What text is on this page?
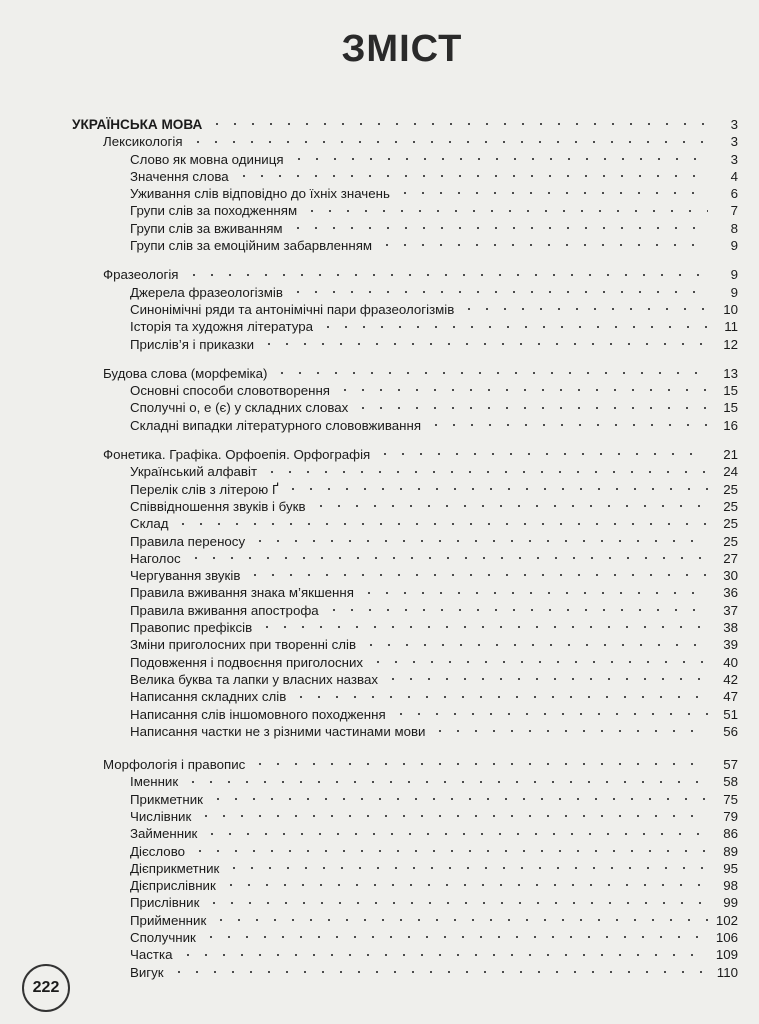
ЗМІСТ
УКРАЇНСЬКА МОВА	3
Лексикологія	3
Слово як мовна одиниця	3
Значення слова	4
Уживання слів відповідно до їхніх значень	6
Групи слів за походженням	7
Групи слів за вживанням	8
Групи слів за емоційним забарвленням	9
Фразеологія	9
Джерела фразеологізмів	9
Синонімічні ряди та антонімічні пари фразеологізмів	10
Історія та художня література	11
Прислів’я і приказки	12
Будова слова (морфеміка)	13
Основні способи словотворення	15
Сполучні о, е (є) у складних словах	15
Складні випадки літературного слововживання	16
Фонетика. Графіка. Орфоепія. Орфографія	21
Український алфавіт	24
Перелік слів з літерою Ґ	25
Співвідношення звуків і букв	25
Склад	25
Правила переносу	25
Наголос	27
Чергування звуків	30
Правила вживання знака м’якшення	36
Правила вживання апострофа	37
Правопис префіксів	38
Зміни приголосних при творенні слів	39
Подовження і подвоєння приголосних	40
Велика буква та лапки у власних назвах	42
Написання складних слів	47
Написання слів іншомовного походження	51
Написання частки не з різними частинами мови	56
Морфологія і правопис	57
Іменник	58
Прикметник	75
Числівник	79
Займенник	86
Дієслово	89
Дієприкметник	95
Дієприслівник	98
Прислівник	99
Прийменник	102
Сполучник	106
Частка	109
Вигук	110
222
